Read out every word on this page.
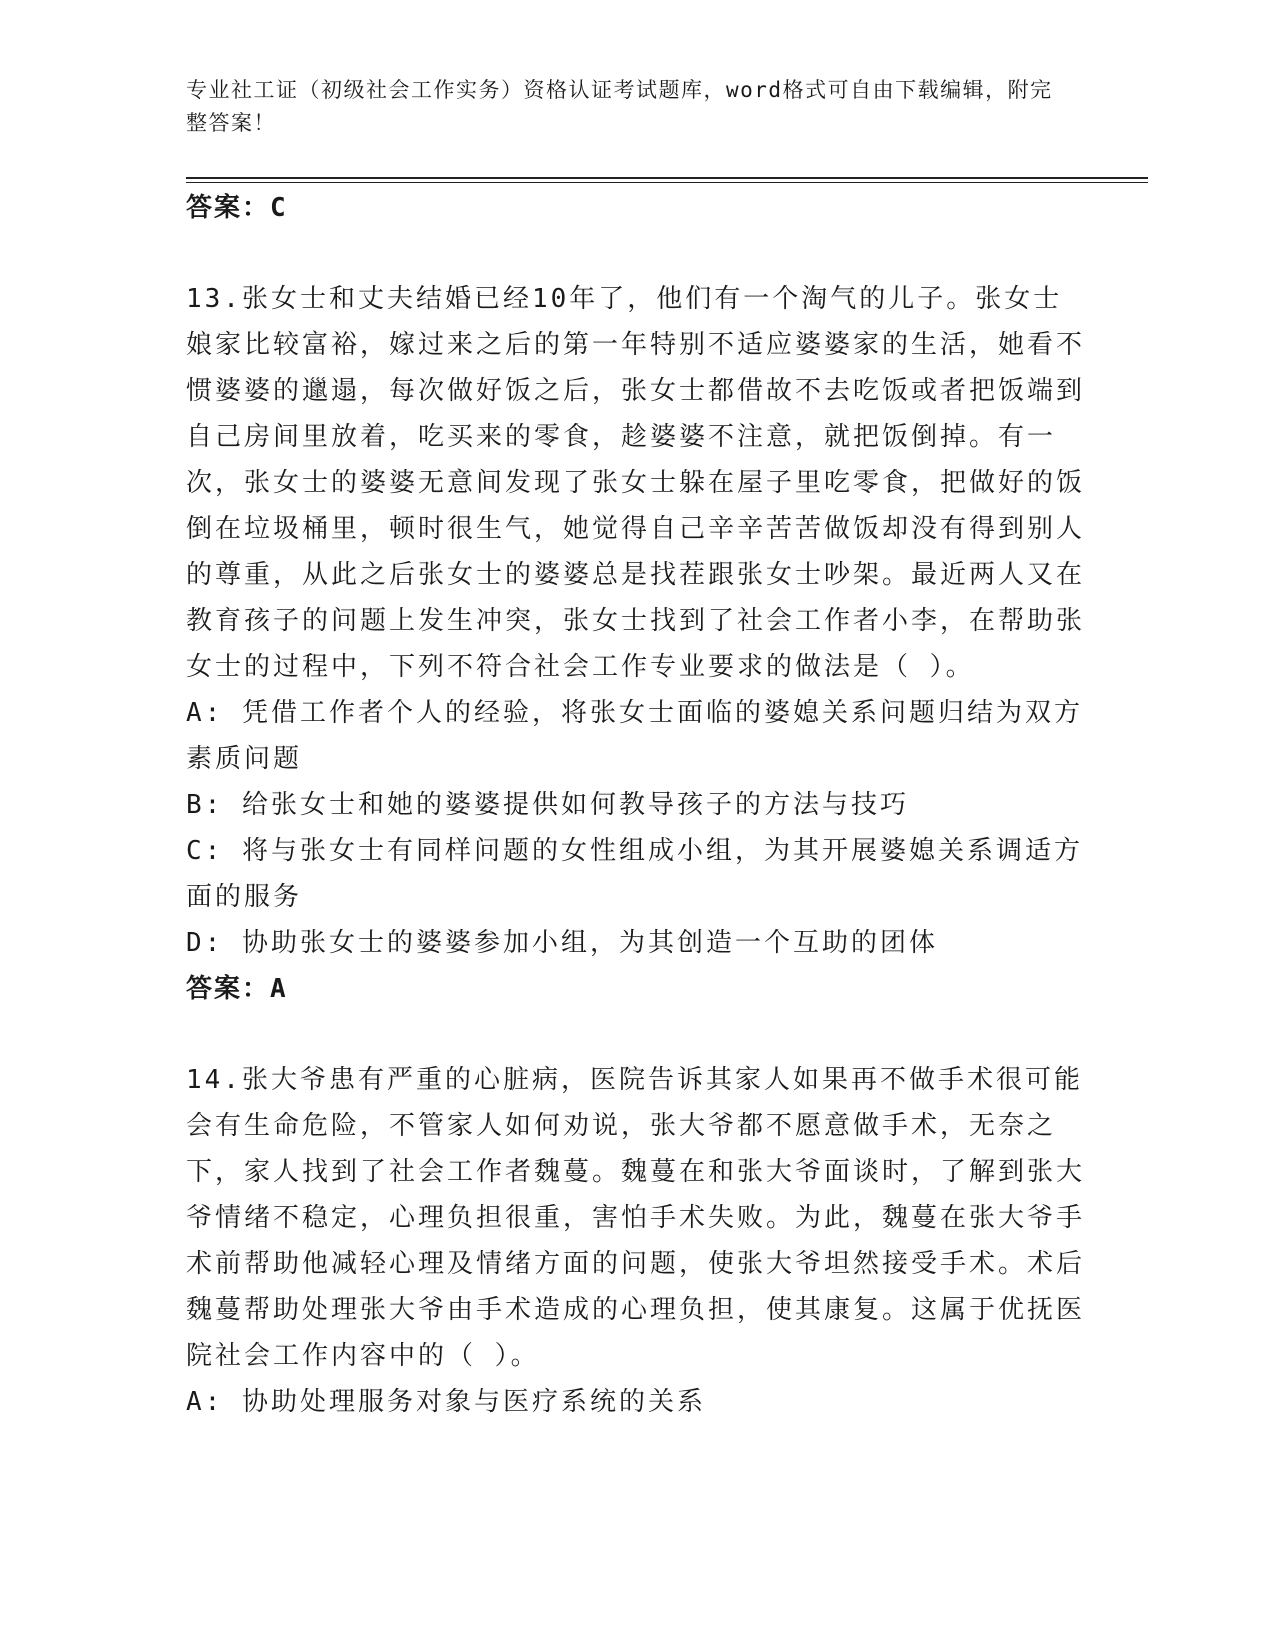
专业社工证（初级社会工作实务）资格认证考试题库，word格式可自由下载编辑，附完整答案！

答案：C

13.张女士和丈夫结婚已经10年了，他们有一个淘气的儿子。张女士娘家比较富裕，嫁过来之后的第一年特别不适应婆婆家的生活，她看不惯婆婆的邋遢，每次做好饭之后，张女士都借故不去吃饭或者把饭端到自己房间里放着，吃买来的零食，趁婆婆不注意，就把饭倒掉。有一次，张女士的婆婆无意间发现了张女士躲在屋子里吃零食，把做好的饭倒在垃圾桶里，顿时很生气，她觉得自己辛辛苦苦做饭却没有得到别人的尊重，从此之后张女士的婆婆总是找茬跟张女士吵架。最近两人又在教育孩子的问题上发生冲突，张女士找到了社会工作者小李，在帮助张女士的过程中，下列不符合社会工作专业要求的做法是（ ）。

A: 凭借工作者个人的经验，将张女士面临的婆媳关系问题归结为双方素质问题

B: 给张女士和她的婆婆提供如何教导孩子的方法与技巧

C: 将与张女士有同样问题的女性组成小组，为其开展婆媳关系调适方面的服务

D: 协助张女士的婆婆参加小组，为其创造一个互助的团体

答案：A

14.张大爷患有严重的心脏病，医院告诉其家人如果再不做手术很可能会有生命危险，不管家人如何劝说，张大爷都不愿意做手术，无奈之下，家人找到了社会工作者魏蔓。魏蔓在和张大爷面谈时，了解到张大爷情绪不稳定，心理负担很重，害怕手术失败。为此，魏蔓在张大爷手术前帮助他减轻心理及情绪方面的问题，使张大爷坦然接受手术。术后魏蔓帮助处理张大爷由手术造成的心理负担，使其康复。这属于优抚医院社会工作内容中的（ ）。

A: 协助处理服务对象与医疗系统的关系
